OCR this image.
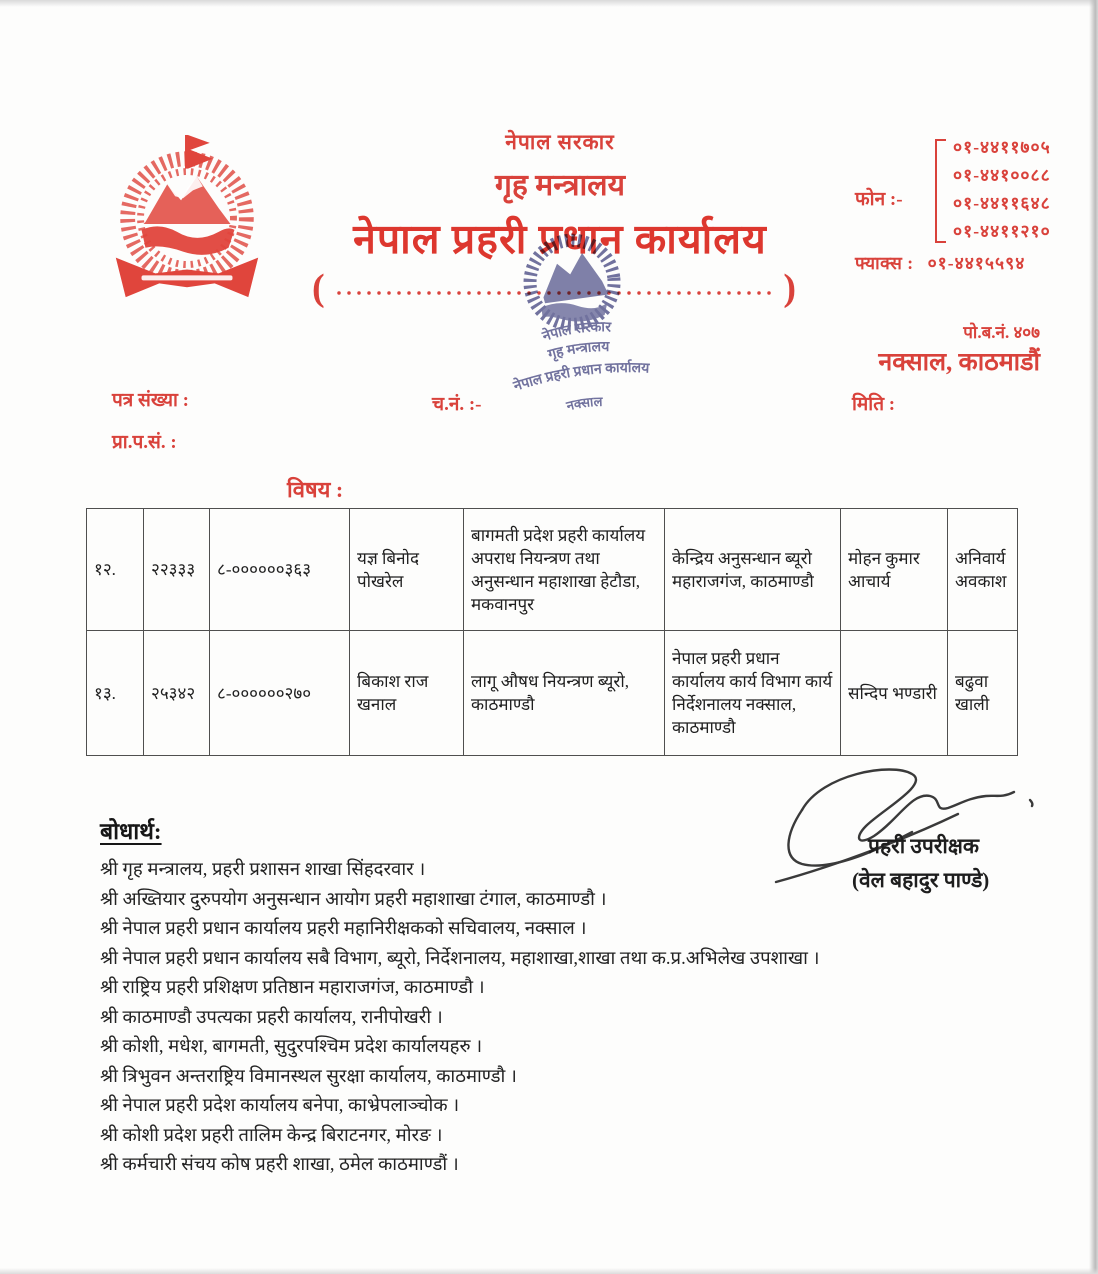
नेपाल सरकार
गृह मन्त्रालय
नेपाल प्रहरी प्रधान कार्यालय
(	)
नेपाल सरकार
गृह मन्त्रालय
नेपाल प्रहरी प्रधान कार्यालय
नक्साल
फोन :-
०१-४४११७०५
०१-४४१००८८
०१-४४११६४८
०१-४४११२१०
फ्याक्स : ०१-४४१५५९४
पो.ब.नं. ४०७
नक्साल, काठमाडौं
पत्र संख्या :	च.नं. :-	मिति :
प्रा.प.सं. :
विषय :
१२.	२२३३३	८-००००००३६३	यज्ञ बिनोद पोखरेल	बागमती प्रदेश प्रहरी कार्यालय अपराध नियन्त्रण तथा अनुसन्धान महाशाखा हेटौडा, मकवानपुर	केन्द्रिय अनुसन्धान ब्यूरो महाराजगंज, काठमाण्डौ	मोहन कुमार आचार्य	अनिवार्य अवकाश
१३.	२५३४२	८-००००००२७०	बिकाश राज खनाल	लागू औषध नियन्त्रण ब्यूरो, काठमाण्डौ	नेपाल प्रहरी प्रधान कार्यालय कार्य विभाग कार्य निर्देशनालय नक्साल, काठमाण्डौ	सन्दिप भण्डारी	बढुवा खाली
प्रहरी उपरीक्षक
(वेल बहादुर पाण्डे)
बोधार्थ:
श्री गृह मन्त्रालय, प्रहरी प्रशासन शाखा सिंहदरवार ।
श्री अख्तियार दुरुपयोग अनुसन्धान आयोग प्रहरी महाशाखा टंगाल, काठमाण्डौ ।
श्री नेपाल प्रहरी प्रधान कार्यालय प्रहरी महानिरीक्षकको सचिवालय, नक्साल ।
श्री नेपाल प्रहरी प्रधान कार्यालय सबै विभाग, ब्यूरो, निर्देशनालय, महाशाखा,शाखा तथा क.प्र.अभिलेख उपशाखा ।
श्री राष्ट्रिय प्रहरी प्रशिक्षण प्रतिष्ठान महाराजगंज, काठमाण्डौ ।
श्री काठमाण्डौ उपत्यका प्रहरी कार्यालय, रानीपोखरी ।
श्री कोशी, मधेश, बागमती, सुदुरपश्चिम प्रदेश कार्यालयहरु ।
श्री त्रिभुवन अन्तराष्ट्रिय विमानस्थल सुरक्षा कार्यालय, काठमाण्डौ ।
श्री नेपाल प्रहरी प्रदेश कार्यालय बनेपा, काभ्रेपलाञ्चोक ।
श्री कोशी प्रदेश प्रहरी तालिम केन्द्र बिराटनगर, मोरङ ।
श्री कर्मचारी संचय कोष प्रहरी शाखा, ठमेल काठमाण्डौं ।
